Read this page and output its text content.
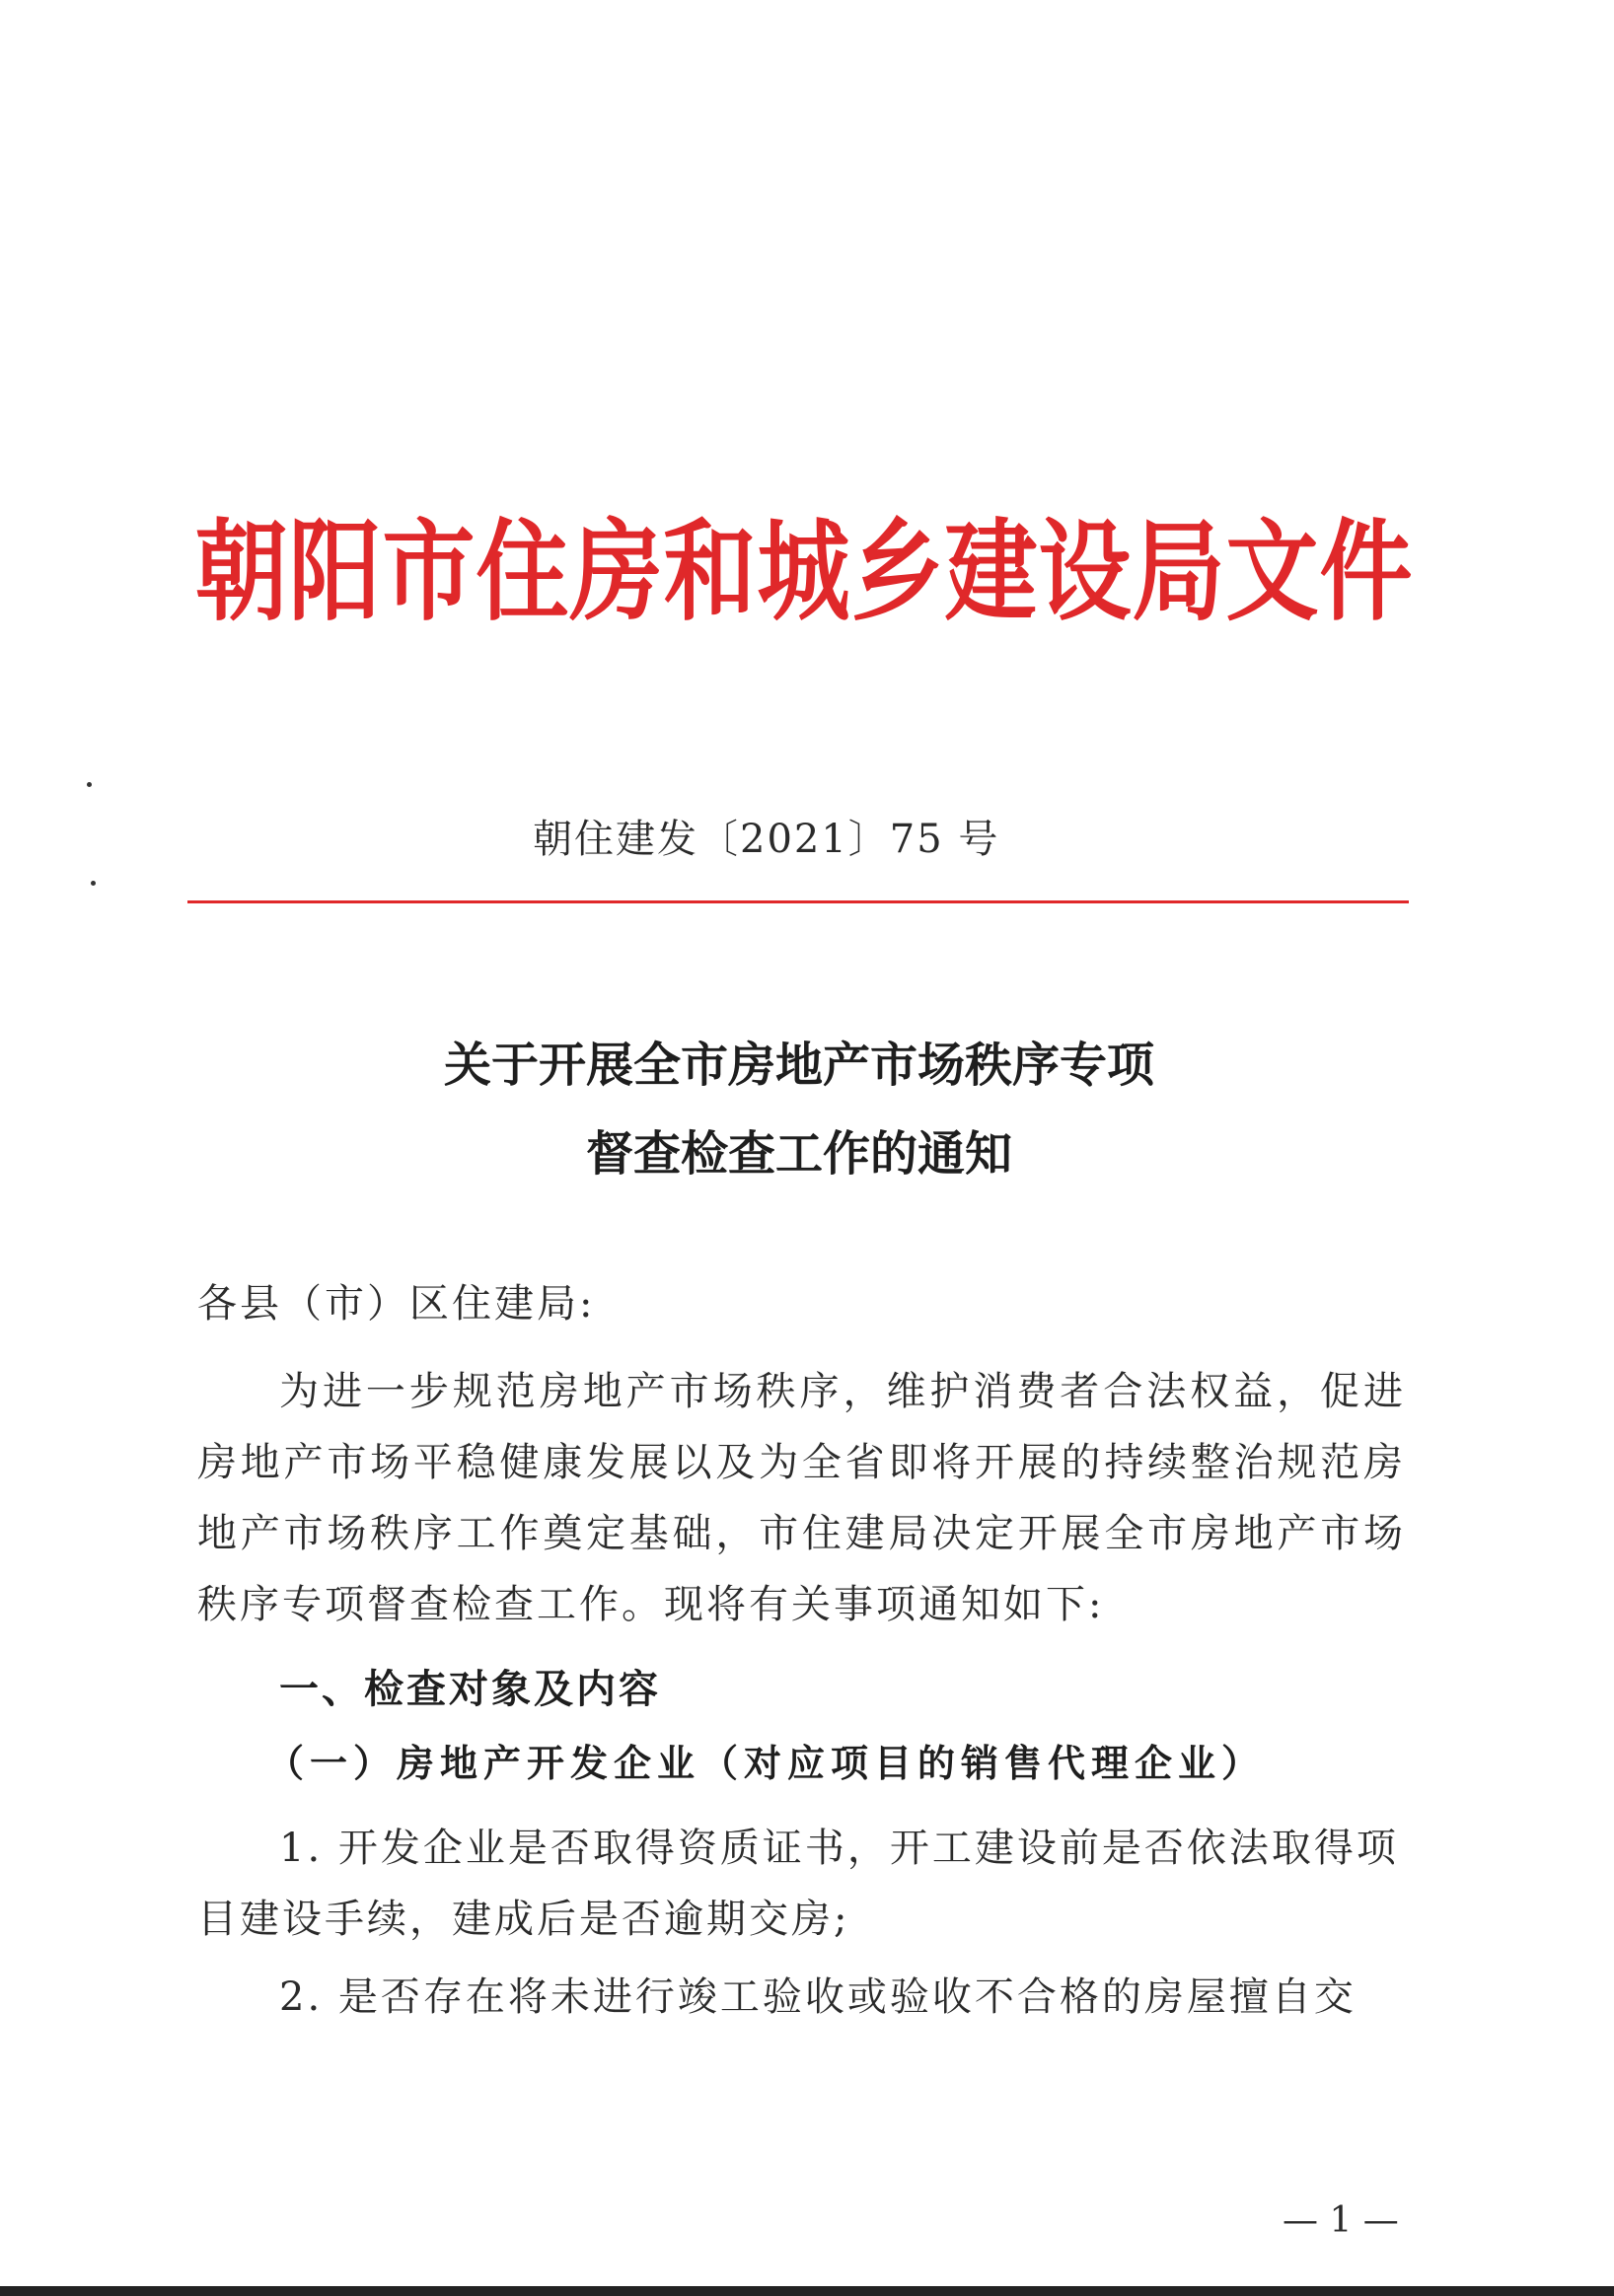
朝阳市住房和城乡建设局文件
朝住建发〔2021〕75 号
关于开展全市房地产市场秩序专项
督查检查工作的通知

各县（市）区住建局:

为进一步规范房地产市场秩序，维护消费者合法权益，促进房地产市场平稳健康发展以及为全省即将开展的持续整治规范房地产市场秩序工作奠定基础，市住建局决定开展全市房地产市场秩序专项督查检查工作。现将有关事项通知如下:

一、检查对象及内容
（一）房地产开发企业（对应项目的销售代理企业）

1. 开发企业是否取得资质证书，开工建设前是否依法取得项目建设手续，建成后是否逾期交房;

2. 是否存在将未进行竣工验收或验收不合格的房屋擅自交

— 1 —
